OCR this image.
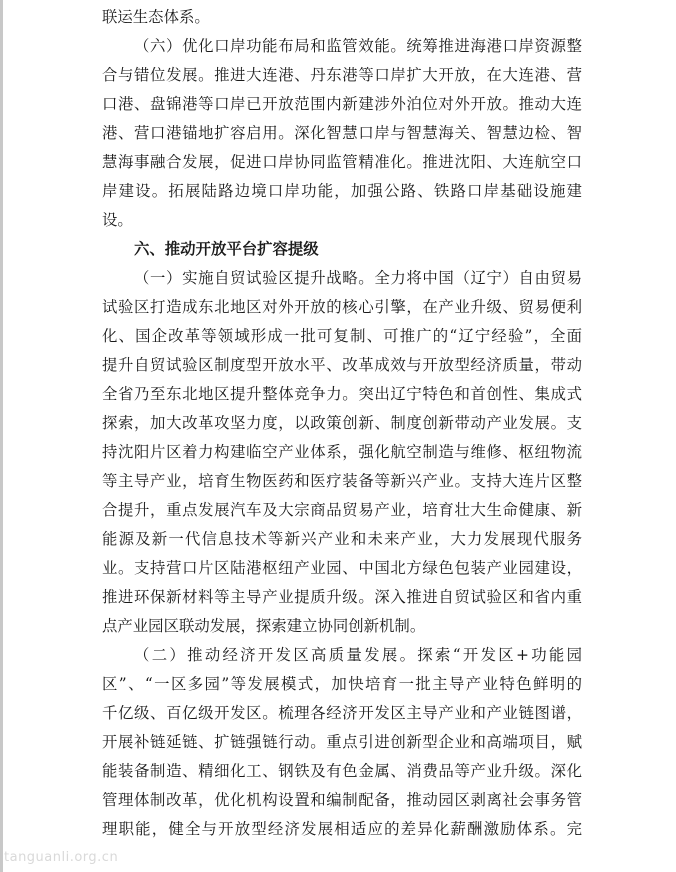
联运生态体系。
（六）优化口岸功能布局和监管效能。统筹推进海港口岸资源整
合与错位发展。推进大连港、丹东港等口岸扩大开放，在大连港、营
口港、盘锦港等口岸已开放范围内新建涉外泊位对外开放。推动大连
港、营口港锚地扩容启用。深化智慧口岸与智慧海关、智慧边检、智
慧海事融合发展，促进口岸协同监管精准化。推进沈阳、大连航空口
岸建设。拓展陆路边境口岸功能，加强公路、铁路口岸基础设施建
设。
六、推动开放平台扩容提级
（一）实施自贸试验区提升战略。全力将中国（辽宁）自由贸易
试验区打造成东北地区对外开放的核心引擎，在产业升级、贸易便利
化、国企改革等领域形成一批可复制、可推广的“辽宁经验”，全面
提升自贸试验区制度型开放水平、改革成效与开放型经济质量，带动
全省乃至东北地区提升整体竞争力。突出辽宁特色和首创性、集成式
探索，加大改革攻坚力度，以政策创新、制度创新带动产业发展。支
持沈阳片区着力构建临空产业体系，强化航空制造与维修、枢纽物流
等主导产业，培育生物医药和医疗装备等新兴产业。支持大连片区整
合提升，重点发展汽车及大宗商品贸易产业，培育壮大生命健康、新
能源及新一代信息技术等新兴产业和未来产业，大力发展现代服务
业。支持营口片区陆港枢纽产业园、中国北方绿色包装产业园建设，
推进环保新材料等主导产业提质升级。深入推进自贸试验区和省内重
点产业园区联动发展，探索建立协同创新机制。
（二）推动经济开发区高质量发展。探索“开发区+功能园
区”、“一区多园”等发展模式，加快培育一批主导产业特色鲜明的
千亿级、百亿级开发区。梳理各经济开发区主导产业和产业链图谱，
开展补链延链、扩链强链行动。重点引进创新型企业和高端项目，赋
能装备制造、精细化工、钢铁及有色金属、消费品等产业升级。深化
管理体制改革，优化机构设置和编制配备，推动园区剥离社会事务管
理职能，健全与开放型经济发展相适应的差异化薪酬激励体系。完
tanguanli.org.cn
